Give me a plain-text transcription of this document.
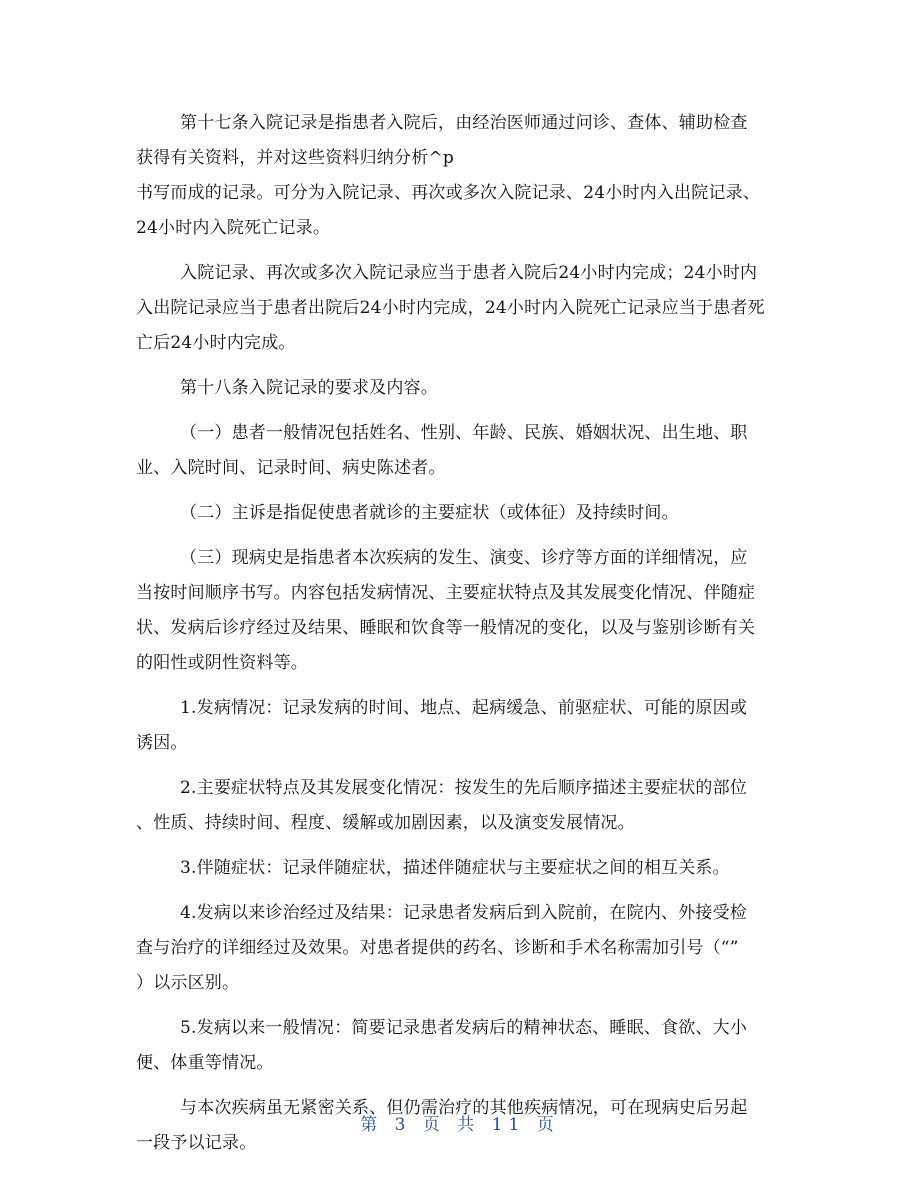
第十七条入院记录是指患者入院后，由经治医师通过问诊、查体、辅助检查
获得有关资料，并对这些资料归纳分析^p
书写而成的记录。可分为入院记录、再次或多次入院记录、24小时内入出院记录、
24小时内入院死亡记录。
入院记录、再次或多次入院记录应当于患者入院后24小时内完成；24小时内
入出院记录应当于患者出院后24小时内完成，24小时内入院死亡记录应当于患者死
亡后24小时内完成。
第十八条入院记录的要求及内容。
（一）患者一般情况包括姓名、性别、年龄、民族、婚姻状况、出生地、职
业、入院时间、记录时间、病史陈述者。
（二）主诉是指促使患者就诊的主要症状（或体征）及持续时间。
（三）现病史是指患者本次疾病的发生、演变、诊疗等方面的详细情况，应
当按时间顺序书写。内容包括发病情况、主要症状特点及其发展变化情况、伴随症
状、发病后诊疗经过及结果、睡眠和饮食等一般情况的变化，以及与鉴别诊断有关
的阳性或阴性资料等。
1.发病情况：记录发病的时间、地点、起病缓急、前驱症状、可能的原因或
诱因。
2.主要症状特点及其发展变化情况：按发生的先后顺序描述主要症状的部位
、性质、持续时间、程度、缓解或加剧因素，以及演变发展情况。
3.伴随症状：记录伴随症状，描述伴随症状与主要症状之间的相互关系。
4.发病以来诊治经过及结果：记录患者发病后到入院前，在院内、外接受检
查与治疗的详细经过及效果。对患者提供的药名、诊断和手术名称需加引号（“”
）以示区别。
5.发病以来一般情况：简要记录患者发病后的精神状态、睡眠、食欲、大小
便、体重等情况。
与本次疾病虽无紧密关系、但仍需治疗的其他疾病情况，可在现病史后另起
一段予以记录。
第 3 页 共 11 页
